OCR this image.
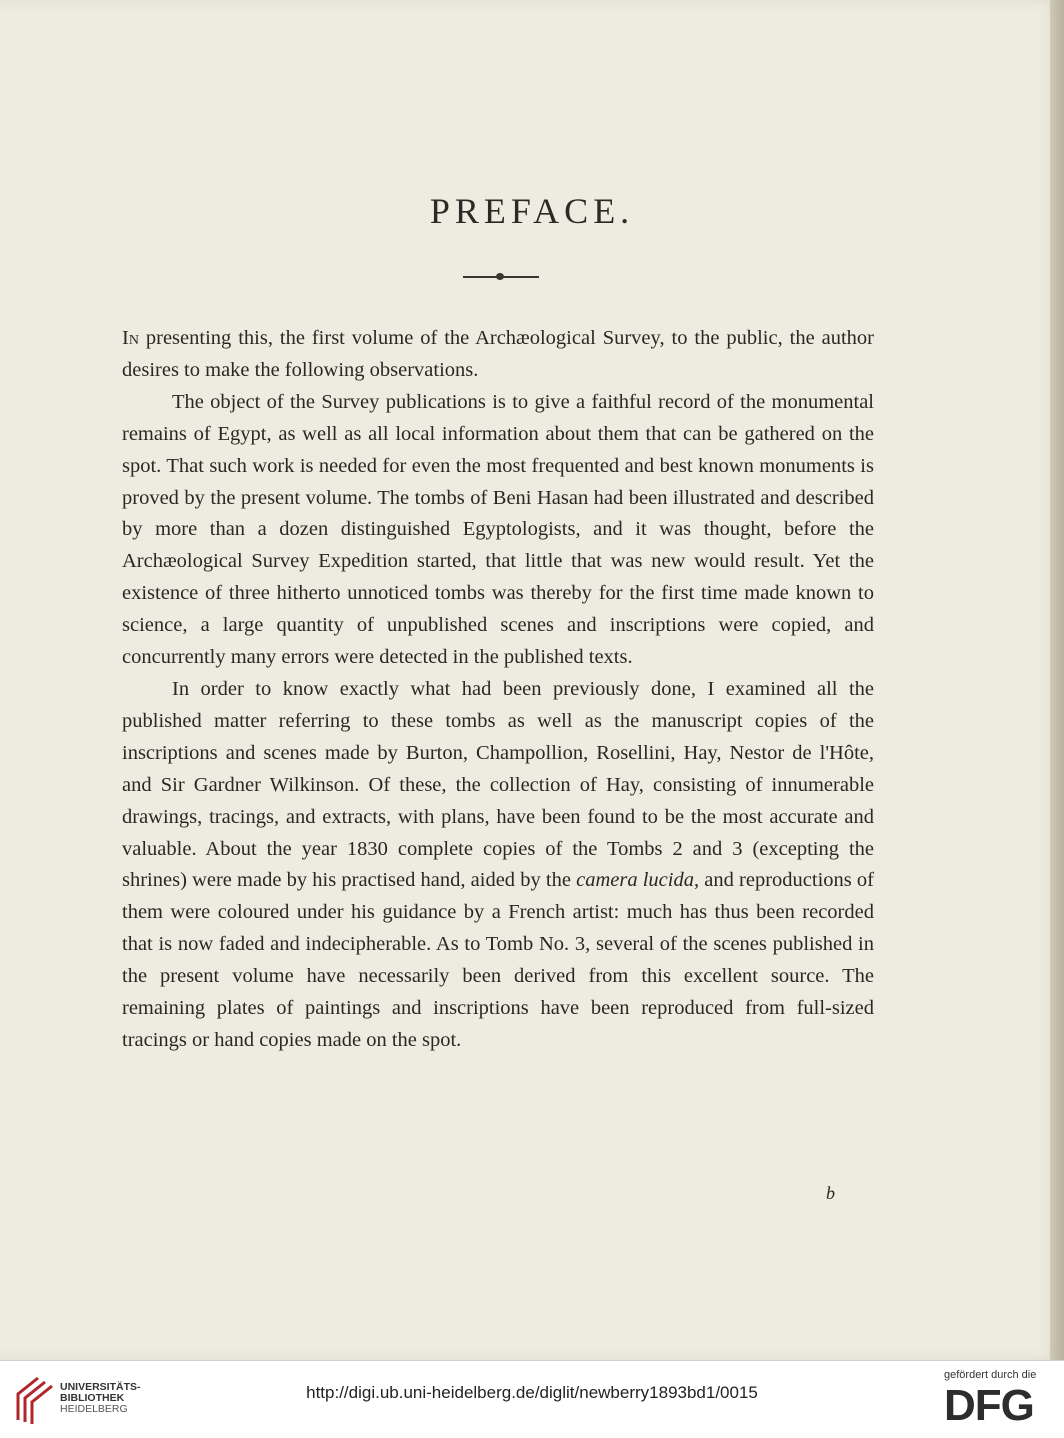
PREFACE.

In presenting this, the first volume of the Archæological Survey, to the public, the author desires to make the following observations.

The object of the Survey publications is to give a faithful record of the monumental remains of Egypt, as well as all local information about them that can be gathered on the spot. That such work is needed for even the most frequented and best known monuments is proved by the present volume. The tombs of Beni Hasan had been illustrated and described by more than a dozen distinguished Egyptologists, and it was thought, before the Archæological Survey Expedition started, that little that was new would result. Yet the existence of three hitherto unnoticed tombs was thereby for the first time made known to science, a large quantity of unpublished scenes and inscriptions were copied, and concurrently many errors were detected in the published texts.

In order to know exactly what had been previously done, I examined all the published matter referring to these tombs as well as the manuscript copies of the inscriptions and scenes made by Burton, Champollion, Rosellini, Hay, Nestor de l'Hôte, and Sir Gardner Wilkinson. Of these, the collection of Hay, consisting of innumerable drawings, tracings, and extracts, with plans, have been found to be the most accurate and valuable. About the year 1830 complete copies of the Tombs 2 and 3 (excepting the shrines) were made by his practised hand, aided by the camera lucida, and reproductions of them were coloured under his guidance by a French artist: much has thus been recorded that is now faded and indecipherable. As to Tomb No. 3, several of the scenes published in the present volume have necessarily been derived from this excellent source. The remaining plates of paintings and inscriptions have been reproduced from full-sized tracings or hand copies made on the spot.

b
UNIVERSITÄTS-
BIBLIOTHEK
HEIDELBERG
http://digi.ub.uni-heidelberg.de/diglit/newberry1893bd1/0015
gefördert durch die
DFG
